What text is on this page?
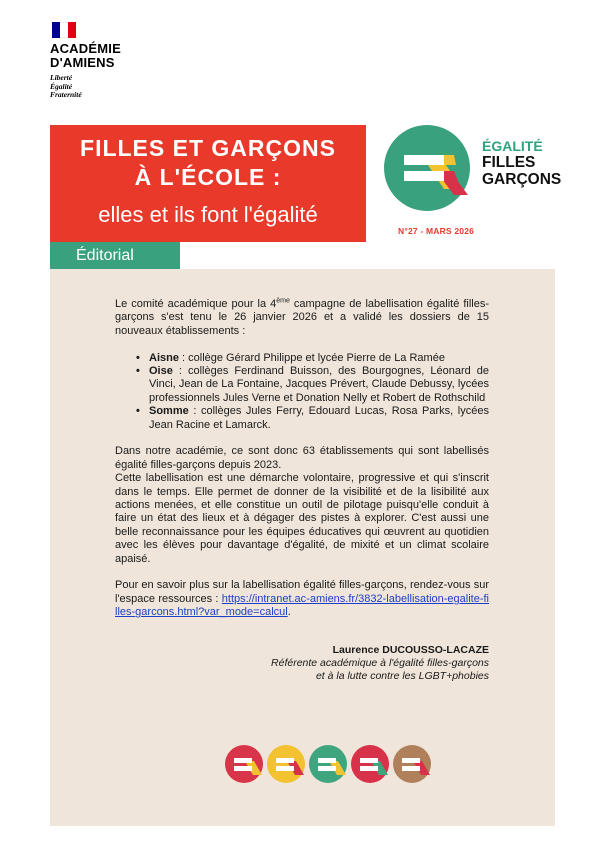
ACADÉMIE
D'AMIENS
Liberté
Égalité
Fraternité
FILLES ET GARÇONS
À L'ÉCOLE :
elles et ils font l'égalité
ÉGALITÉ
FILLES
GARÇONS
N°27 - MARS 2026
Éditorial

Le comité académique pour la 4ème campagne de labellisation égalité filles-garçons s'est tenu le 26 janvier 2026 et a validé les dossiers de 15 nouveaux établissements :

• Aisne : collège Gérard Philippe et lycée Pierre de La Ramée
• Oise : collèges Ferdinand Buisson, des Bourgognes, Léonard de Vinci, Jean de La Fontaine, Jacques Prévert, Claude Debussy, lycées professionnels Jules Verne et Donation Nelly et Robert de Rothschild
• Somme : collèges Jules Ferry, Edouard Lucas, Rosa Parks, lycées Jean Racine et Lamarck.

Dans notre académie, ce sont donc 63 établissements qui sont labellisés égalité filles-garçons depuis 2023.

Cette labellisation est une démarche volontaire, progressive et qui s'inscrit dans le temps. Elle permet de donner de la visibilité et de la lisibilité aux actions menées, et elle constitue un outil de pilotage puisqu'elle conduit à faire un état des lieux et à dégager des pistes à explorer. C'est aussi une belle reconnaissance pour les équipes éducatives qui œuvrent au quotidien avec les élèves pour davantage d'égalité, de mixité et un climat scolaire apaisé.

Pour en savoir plus sur la labellisation égalité filles-garçons, rendez-vous sur l'espace ressources : https://intranet.ac-amiens.fr/3832-labellisation-egalite-filles-garcons.html?var_mode=calcul.

Laurence DUCOUSSO-LACAZE
Référente académique à l'égalité filles-garçons
et à la lutte contre les LGBT+phobies
